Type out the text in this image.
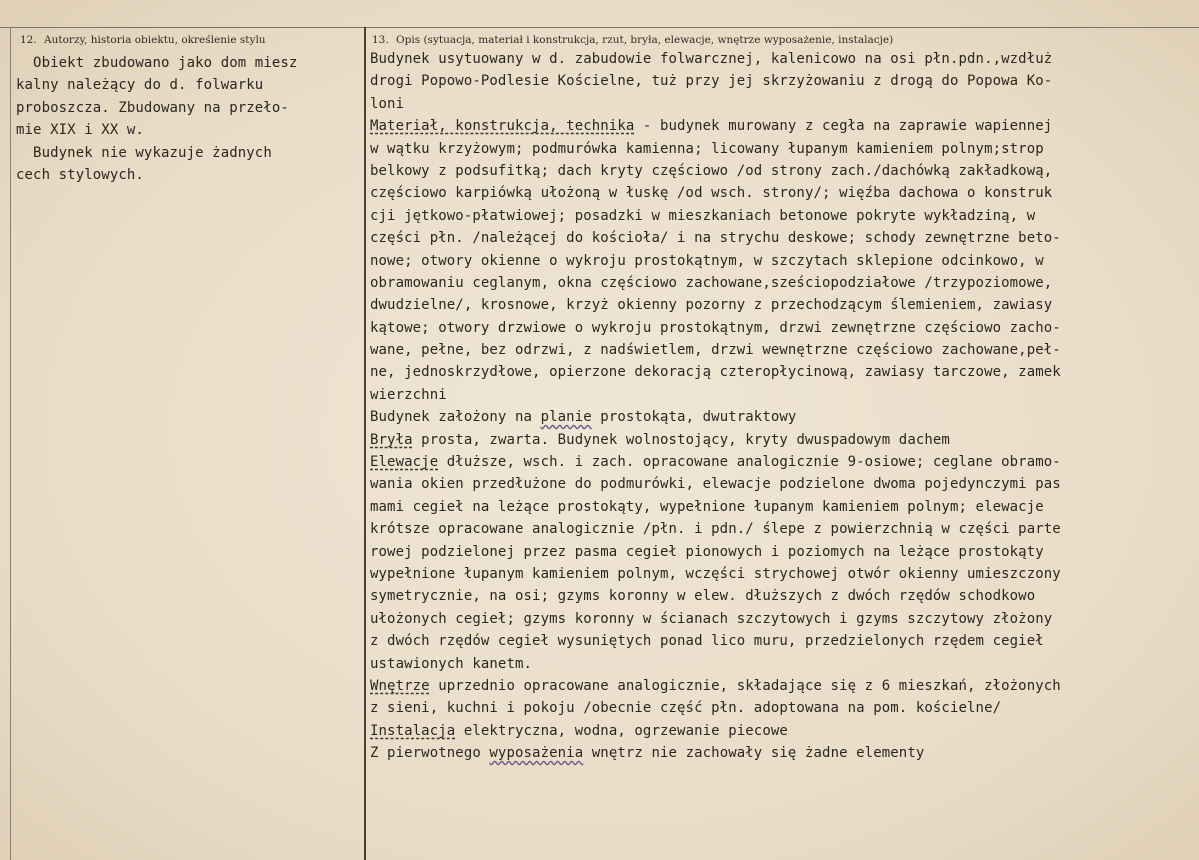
12. Autorzy, historia obiektu, określenie stylu	13. Opis (sytuacja, materiał i konstrukcja, rzut, bryła, elewacje, wnętrze wyposażenie, instalacje)
Obiekt zbudowano jako dom miesz
kalny należący do d. folwarku
proboszcza. Zbudowany na przeło-
mie XIX i XX w.
Budynek nie wykazuje żadnych
cech stylowych.
Budynek usytuowany w d. zabudowie folwarcznej, kalenicowo na osi płn.pdn.,wzdłuż
drogi Popowo-Podlesie Kościelne, tuż przy jej skrzyżowaniu z drogą do Popowa Ko-
loni
Materiał, konstrukcja, technika - budynek murowany z cegła na zaprawie wapiennej
w wątku krzyżowym; podmurówka kamienna; licowany łupanym kamieniem polnym;strop
belkowy z podsufitką; dach kryty częściowo /od strony zach./dachówką zakładkową,
częściowo karpiówką ułożoną w łuskę /od wsch. strony/; więźba dachowa o konstruk
cji jętkowo-płatwiowej; posadzki w mieszkaniach betonowe pokryte wykładziną, w
części płn. /należącej do kościoła/ i na strychu deskowe; schody zewnętrzne beto-
nowe; otwory okienne o wykroju prostokątnym, w szczytach sklepione odcinkowo, w
obramowaniu ceglanym, okna częściowo zachowane,sześciopodziałowe /trzypoziomowe,
dwudzielne/, krosnowe, krzyż okienny pozorny z przechodzącym ślemieniem, zawiasy
kątowe; otwory drzwiowe o wykroju prostokątnym, drzwi zewnętrzne częściowo zacho-
wane, pełne, bez odrzwi, z nadświetlem, drzwi wewnętrzne częściowo zachowane,peł-
ne, jednoskrzydłowe, opierzone dekoracją czteropłycinową, zawiasy tarczowe, zamek
wierzchni
Budynek założony na planie prostokąta, dwutraktowy
Bryła prosta, zwarta. Budynek wolnostojący, kryty dwuspadowym dachem
Elewacje dłuższe, wsch. i zach. opracowane analogicznie 9-osiowe; ceglane obramo-
wania okien przedłużone do podmurówki, elewacje podzielone dwoma pojedynczymi pas
mami cegieł na leżące prostokąty, wypełnione łupanym kamieniem polnym; elewacje
krótsze opracowane analogicznie /płn. i pdn./ ślepe z powierzchnią w części parte
rowej podzielonej przez pasma cegieł pionowych i poziomych na leżące prostokąty
wypełnione łupanym kamieniem polnym, wczęści strychowej otwór okienny umieszczony
symetrycznie, na osi; gzyms koronny w elew. dłuższych z dwóch rzędów schodkowo
ułożonych cegieł; gzyms koronny w ścianach szczytowych i gzyms szczytowy złożony
z dwóch rzędów cegieł wysuniętych ponad lico muru, przedzielonych rzędem cegieł
ustawionych kanetm.
Wnętrze uprzednio opracowane analogicznie, składające się z 6 mieszkań, złożonych
z sieni, kuchni i pokoju /obecnie część płn. adoptowana na pom. kościelne/
Instalacja elektryczna, wodna, ogrzewanie piecowe
Z pierwotnego wyposażenia wnętrz nie zachowały się żadne elementy
